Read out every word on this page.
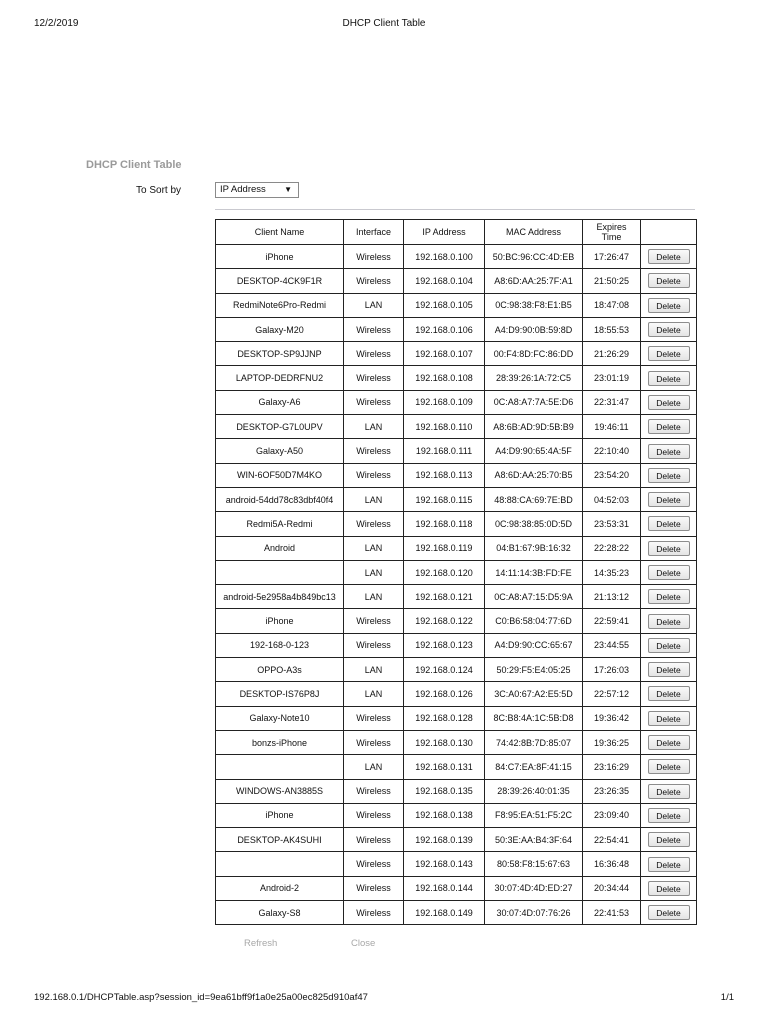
12/2/2019	DHCP Client Table
DHCP Client Table
To Sort by	IP Address ▼
Client Name	Interface	IP Address	MAC Address	Expires
Time	
iPhone	Wireless	192.168.0.100	50:BC:96:CC:4D:EB	17:26:47	Delete
DESKTOP-4CK9F1R	Wireless	192.168.0.104	A8:6D:AA:25:7F:A1	21:50:25	Delete
RedmiNote6Pro-Redmi	LAN	192.168.0.105	0C:98:38:F8:E1:B5	18:47:08	Delete
Galaxy-M20	Wireless	192.168.0.106	A4:D9:90:0B:59:8D	18:55:53	Delete
DESKTOP-SP9JJNP	Wireless	192.168.0.107	00:F4:8D:FC:86:DD	21:26:29	Delete
LAPTOP-DEDRFNU2	Wireless	192.168.0.108	28:39:26:1A:72:C5	23:01:19	Delete
Galaxy-A6	Wireless	192.168.0.109	0C:A8:A7:7A:5E:D6	22:31:47	Delete
DESKTOP-G7L0UPV	LAN	192.168.0.110	A8:6B:AD:9D:5B:B9	19:46:11	Delete
Galaxy-A50	Wireless	192.168.0.111	A4:D9:90:65:4A:5F	22:10:40	Delete
WIN-6OF50D7M4KO	Wireless	192.168.0.113	A8:6D:AA:25:70:B5	23:54:20	Delete
android-54dd78c83dbf40f4	LAN	192.168.0.115	48:88:CA:69:7E:BD	04:52:03	Delete
Redmi5A-Redmi	Wireless	192.168.0.118	0C:98:38:85:0D:5D	23:53:31	Delete
Android	LAN	192.168.0.119	04:B1:67:9B:16:32	22:28:22	Delete
	LAN	192.168.0.120	14:11:14:3B:FD:FE	14:35:23	Delete
android-5e2958a4b849bc13	LAN	192.168.0.121	0C:A8:A7:15:D5:9A	21:13:12	Delete
iPhone	Wireless	192.168.0.122	C0:B6:58:04:77:6D	22:59:41	Delete
192-168-0-123	Wireless	192.168.0.123	A4:D9:90:CC:65:67	23:44:55	Delete
OPPO-A3s	LAN	192.168.0.124	50:29:F5:E4:05:25	17:26:03	Delete
DESKTOP-IS76P8J	LAN	192.168.0.126	3C:A0:67:A2:E5:5D	22:57:12	Delete
Galaxy-Note10	Wireless	192.168.0.128	8C:B8:4A:1C:5B:D8	19:36:42	Delete
bonzs-iPhone	Wireless	192.168.0.130	74:42:8B:7D:85:07	19:36:25	Delete
	LAN	192.168.0.131	84:C7:EA:8F:41:15	23:16:29	Delete
WINDOWS-AN3885S	Wireless	192.168.0.135	28:39:26:40:01:35	23:26:35	Delete
iPhone	Wireless	192.168.0.138	F8:95:EA:51:F5:2C	23:09:40	Delete
DESKTOP-AK4SUHI	Wireless	192.168.0.139	50:3E:AA:B4:3F:64	22:54:41	Delete
	Wireless	192.168.0.143	80:58:F8:15:67:63	16:36:48	Delete
Android-2	Wireless	192.168.0.144	30:07:4D:4D:ED:27	20:34:44	Delete
Galaxy-S8	Wireless	192.168.0.149	30:07:4D:07:76:26	22:41:53	Delete
Refresh	Close
192.168.0.1/DHCPTable.asp?session_id=9ea61bff9f1a0e25a00ec825d910af47	1/1
